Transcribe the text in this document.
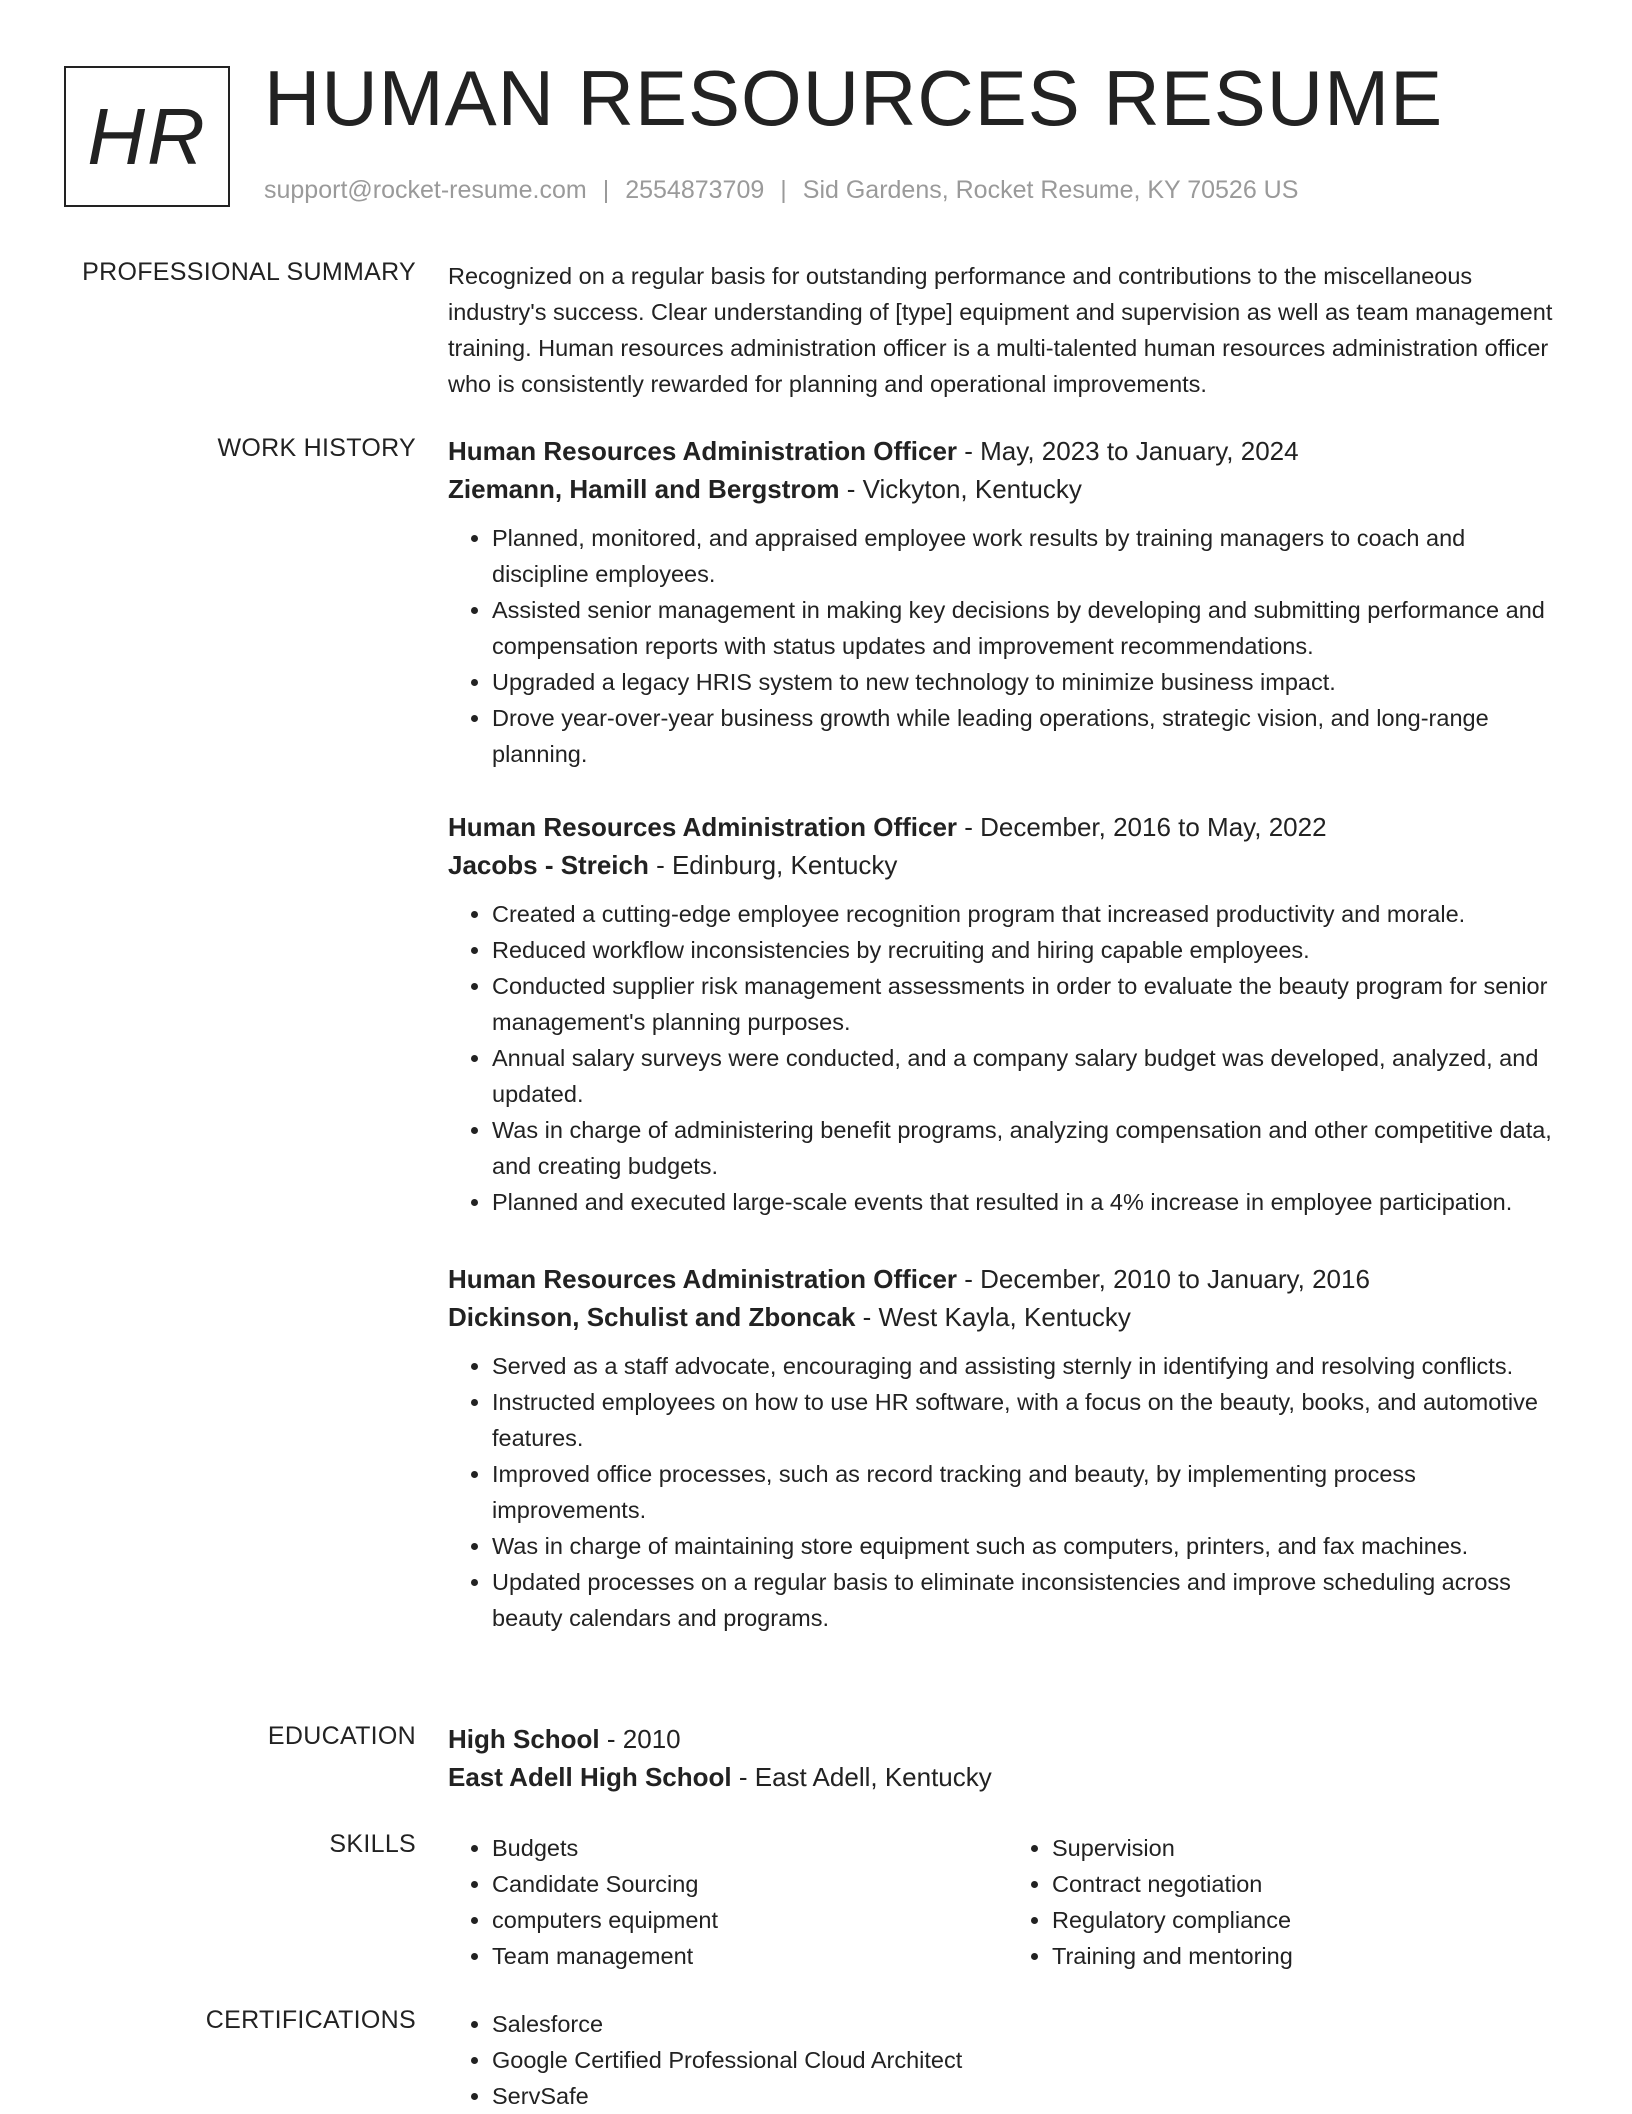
HR HUMAN RESOURCES RESUME
support@rocket-resume.com | 2554873709 | Sid Gardens, Rocket Resume, KY 70526 US
PROFESSIONAL SUMMARY Recognized on a regular basis for outstanding performance and contributions to the miscellaneous industry's success. Clear understanding of [type] equipment and supervision as well as team management training. Human resources administration officer is a multi-talented human resources administration officer who is consistently rewarded for planning and operational improvements.

WORK HISTORY Human Resources Administration Officer - May, 2023 to January, 2024
Ziemann, Hamill and Bergstrom - Vickyton, Kentucky
• Planned, monitored, and appraised employee work results by training managers to coach and discipline employees.
• Assisted senior management in making key decisions by developing and submitting performance and compensation reports with status updates and improvement recommendations.
• Upgraded a legacy HRIS system to new technology to minimize business impact.
• Drove year-over-year business growth while leading operations, strategic vision, and long-range planning.
Human Resources Administration Officer - December, 2016 to May, 2022
Jacobs - Streich - Edinburg, Kentucky
• Created a cutting-edge employee recognition program that increased productivity and morale.
• Reduced workflow inconsistencies by recruiting and hiring capable employees.
• Conducted supplier risk management assessments in order to evaluate the beauty program for senior management's planning purposes.
• Annual salary surveys were conducted, and a company salary budget was developed, analyzed, and updated.
• Was in charge of administering benefit programs, analyzing compensation and other competitive data, and creating budgets.
• Planned and executed large-scale events that resulted in a 4% increase in employee participation.
Human Resources Administration Officer - December, 2010 to January, 2016
Dickinson, Schulist and Zboncak - West Kayla, Kentucky
• Served as a staff advocate, encouraging and assisting sternly in identifying and resolving conflicts.
• Instructed employees on how to use HR software, with a focus on the beauty, books, and automotive features.
• Improved office processes, such as record tracking and beauty, by implementing process improvements.
• Was in charge of maintaining store equipment such as computers, printers, and fax machines.
• Updated processes on a regular basis to eliminate inconsistencies and improve scheduling across beauty calendars and programs.
EDUCATION High School - 2010
East Adell High School - East Adell, Kentucky
SKILLS	• Budgets
• Candidate Sourcing
• computers equipment
• Team management
• Supervision
• Contract negotiation
• Regulatory compliance
• Training and mentoring
CERTIFICATIONS	• Salesforce
• Google Certified Professional Cloud Architect
• ServSafe
